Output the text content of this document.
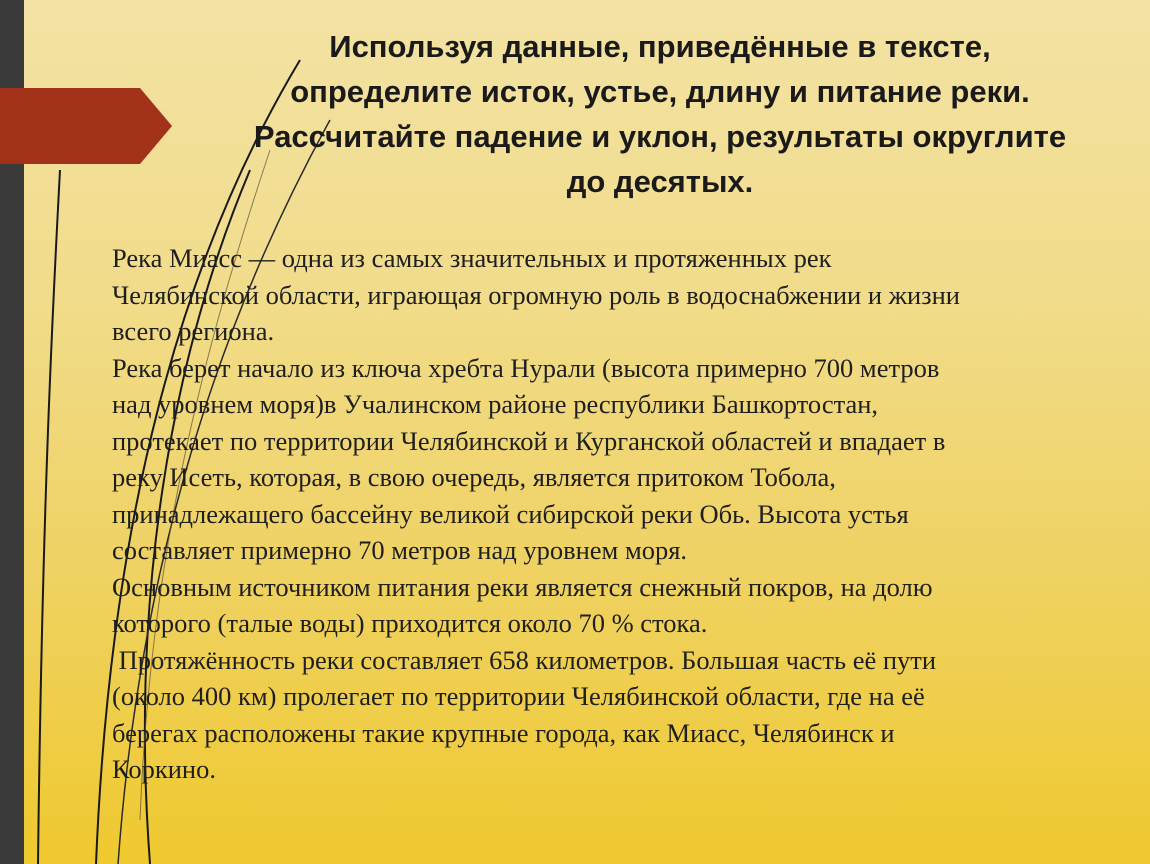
Используя данные, приведённые в тексте,
определите исток, устье, длину и питание реки.
Рассчитайте падение и уклон, результаты округлите
до десятых.
Река Миасс — одна из самых значительных и протяженных рек
Челябинской области, играющая огромную роль в водоснабжении и жизни
всего региона.
Река берет начало из ключа хребта Нурали (высота примерно 700 метров
над уровнем моря)в Учалинском районе республики Башкортостан,
протекает по территории Челябинской и Курганской областей и впадает в
реку Исеть, которая, в свою очередь, является притоком Тобола,
принадлежащего бассейну великой сибирской реки Обь. Высота устья
составляет примерно 70 метров над уровнем моря.
Основным источником питания реки является снежный покров, на долю
которого (талые воды) приходится около 70 % стока.
Протяжённость реки составляет 658 километров. Большая часть её пути
(около 400 км) пролегает по территории Челябинской области, где на её
берегах расположены такие крупные города, как Миасс, Челябинск и
Коркино.
